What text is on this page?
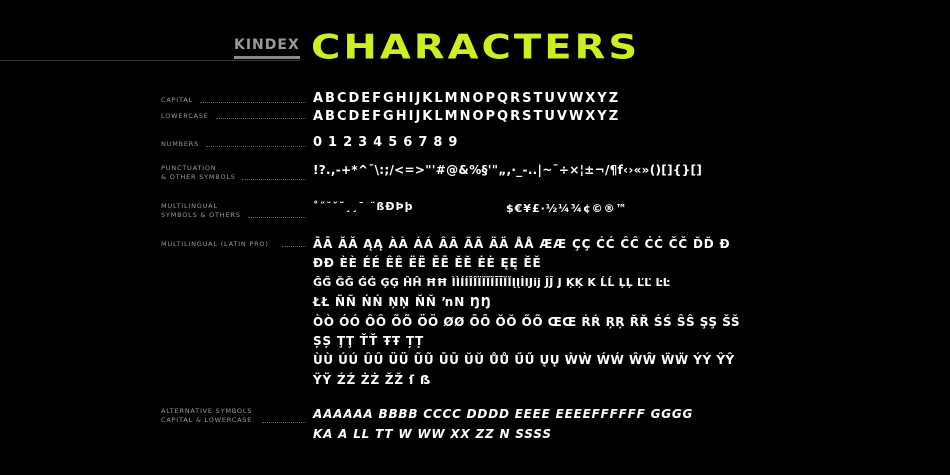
KINDEX CHARACTERS
CAPITAL	ABCDEFGHIJKLMNOPQRSTUVWXYZ
LOWERCASE	ABCDEFGHIJKLMNOPQRSTUVWXYZ
NUMBERS	0123456789
PUNCTUATION
& OTHER SYMBOLS	!?.,-+*^¯\:;/<=>"'#@&%§'"„,·_-..|~¯÷×¦±¬/¶f‹›«»()[]{}[]
MULTILINGUAL
SYMBOLS & OTHERS
˚˝˘ˇ˜¸¸¯ ¨ßÐÞþ	$€¥£·½¼¾¢©®™
MULTILINGUAL (LATIN PRO)	ĀĀ ĂĂ ĄĄ ÀÀ ÁÁ ÂÂ ÃÃ ÄÄ ÅÅ ÆÆ ÇÇ ĆĆ ĈĈ ĊĊ ČČ ĎĎ Đ
ĐĐ ÈÈ ÉÉ ÊÊ ËË ĒĒ ĔĔ ĖĖ ĘĘ ĚĚ
ĜĜ ĞĞ ĠĠ ĢĢ ĤĤ ĦĦ ÌÌÍÍÎÎÏÏĨĨĪĪĬĬĮĮİIJĳ ĴĴ J ĶĶ K ĹĹ ĻĻ ĽĽ ĿĿ
ŁŁ ÑÑ ŃŃ ŅŅ ŇŇ ŉN ŊŊ
ÒÒ ÓÓ ÔÔ ÕÕ ÖÖ ØØ ŌŌ ŎŎ ŐŐ ŒŒ ŔŔ ŖŖ ŘŘ ŚŚ ŜŜ ŞŞ ŠŠ
ȘȘ ŢŢ ŤŤ ŦŦ ȚȚ
ÙÙ ÚÚ ÛÛ ÜÜ ŨŨ ŪŪ ŬŬ ŮŮ ŰŰ ŲŲ ẀẀ ẂẂ ŴŴ ẄẄ ÝÝ ŶŶ
ŸŸ ŹŹ ŻŻ ŽŽ ſ ẞ
ALTERNATIVE SYMBOLS
CAPITAL & LOWERCASE	AAAAAA BBBB CCCC DDDD EEEE EEEEFFFFFF GGGG
KA A LL TT W WW XX ZZ N SSSS
